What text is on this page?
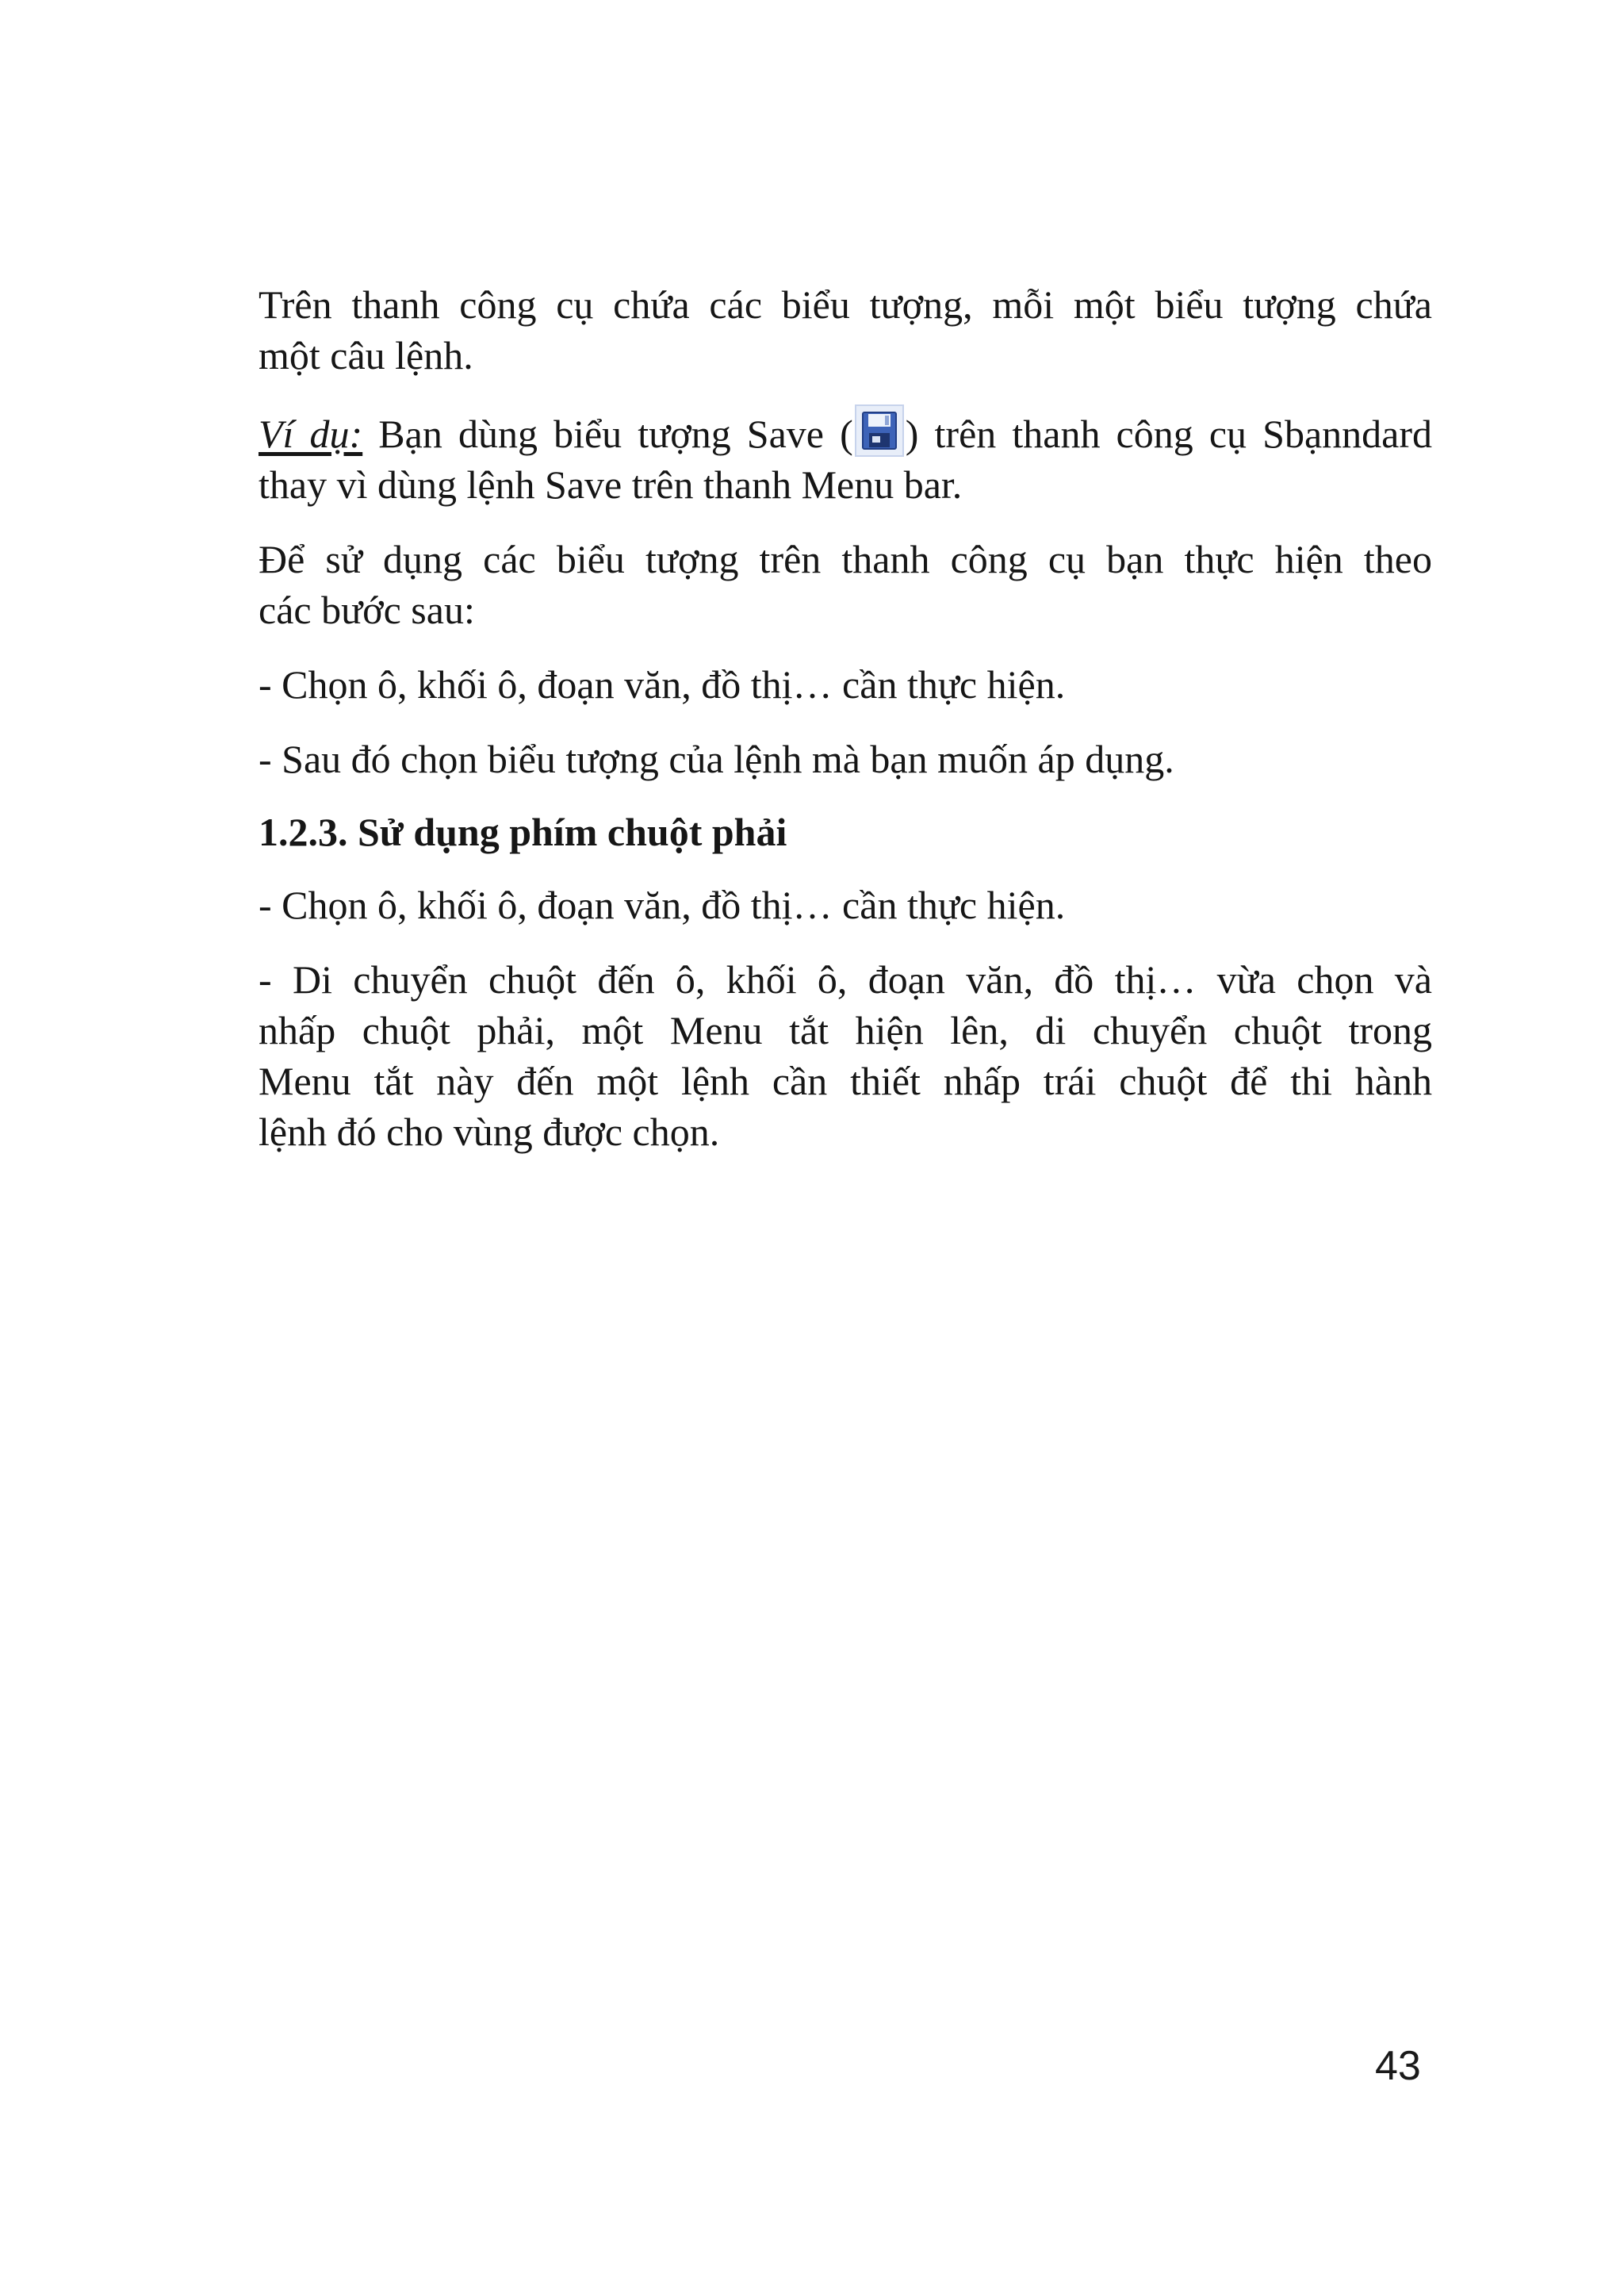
Trên thanh công cụ chứa các biểu tượng, mỗi một biểu tượng chứa
một câu lệnh.

Ví dụ: Bạn dùng biểu tượng Save ( ) trên thanh công cụ Sbạnndard
thay vì dùng lệnh Save trên thanh Menu bar.

Để sử dụng các biểu tượng trên thanh công cụ bạn thực hiện theo
các bước sau:

- Chọn ô, khối ô, đoạn văn, đồ thị… cần thực hiện.

- Sau đó chọn biểu tượng của lệnh mà bạn muốn áp dụng.

1.2.3. Sử dụng phím chuột phải

- Chọn ô, khối ô, đoạn văn, đồ thị… cần thực hiện.

- Di chuyển chuột đến ô, khối ô, đoạn văn, đồ thị… vừa chọn và
nhấp chuột phải, một Menu tắt hiện lên, di chuyển chuột trong
Menu tắt này đến một lệnh cần thiết nhấp trái chuột để thi hành
lệnh đó cho vùng được chọn.

43
